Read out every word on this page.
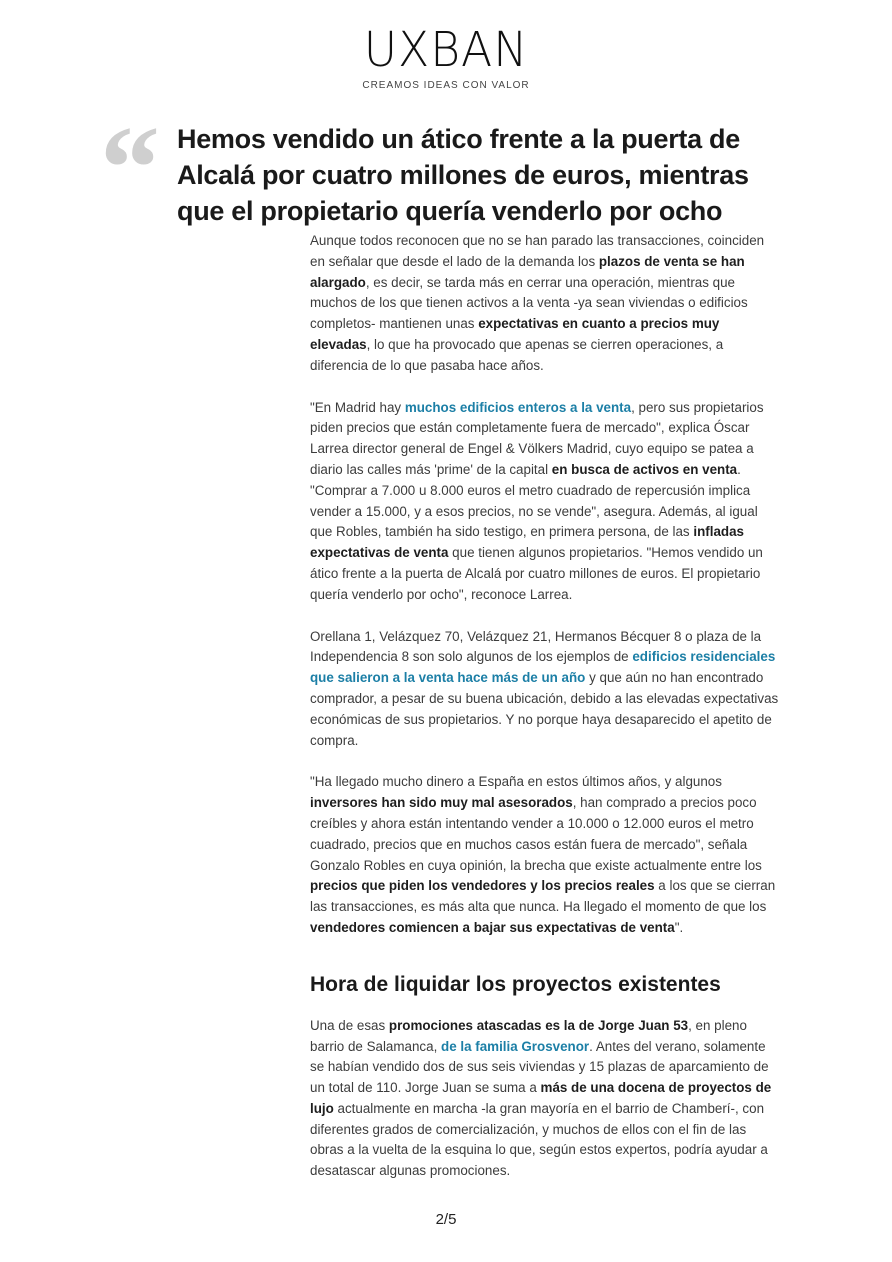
UXBAN
CREAMOS IDEAS CON VALOR
“ Hemos vendido un ático frente a la puerta de Alcalá por cuatro millones de euros, mientras que el propietario quería venderlo por ocho

Aunque todos reconocen que no se han parado las transacciones, coinciden en señalar que desde el lado de la demanda los plazos de venta se han alargado, es decir, se tarda más en cerrar una operación, mientras que muchos de los que tienen activos a la venta -ya sean viviendas o edificios completos- mantienen unas expectativas en cuanto a precios muy elevadas, lo que ha provocado que apenas se cierren operaciones, a diferencia de lo que pasaba hace años.

"En Madrid hay muchos edificios enteros a la venta, pero sus propietarios piden precios que están completamente fuera de mercado", explica Óscar Larrea director general de Engel & Völkers Madrid, cuyo equipo se patea a diario las calles más 'prime' de la capital en busca de activos en venta. "Comprar a 7.000 u 8.000 euros el metro cuadrado de repercusión implica vender a 15.000, y a esos precios, no se vende", asegura. Además, al igual que Robles, también ha sido testigo, en primera persona, de las infladas expectativas de venta que tienen algunos propietarios. "Hemos vendido un ático frente a la puerta de Alcalá por cuatro millones de euros. El propietario quería venderlo por ocho", reconoce Larrea.

Orellana 1, Velázquez 70, Velázquez 21, Hermanos Bécquer 8 o plaza de la Independencia 8 son solo algunos de los ejemplos de edificios residenciales que salieron a la venta hace más de un año y que aún no han encontrado comprador, a pesar de su buena ubicación, debido a las elevadas expectativas económicas de sus propietarios. Y no porque haya desaparecido el apetito de compra.

"Ha llegado mucho dinero a España en estos últimos años, y algunos inversores han sido muy mal asesorados, han comprado a precios poco creíbles y ahora están intentando vender a 10.000 o 12.000 euros el metro cuadrado, precios que en muchos casos están fuera de mercado", señala Gonzalo Robles en cuya opinión, la brecha que existe actualmente entre los precios que piden los vendedores y los precios reales a los que se cierran las transacciones, es más alta que nunca. Ha llegado el momento de que los vendedores comiencen a bajar sus expectativas de venta".

Hora de liquidar los proyectos existentes

Una de esas promociones atascadas es la de Jorge Juan 53, en pleno barrio de Salamanca, de la familia Grosvenor. Antes del verano, solamente se habían vendido dos de sus seis viviendas y 15 plazas de aparcamiento de un total de 110. Jorge Juan se suma a más de una docena de proyectos de lujo actualmente en marcha -la gran mayoría en el barrio de Chamberí-, con diferentes grados de comercialización, y muchos de ellos con el fin de las obras a la vuelta de la esquina lo que, según estos expertos, podría ayudar a desatascar algunas promociones.

2/5
